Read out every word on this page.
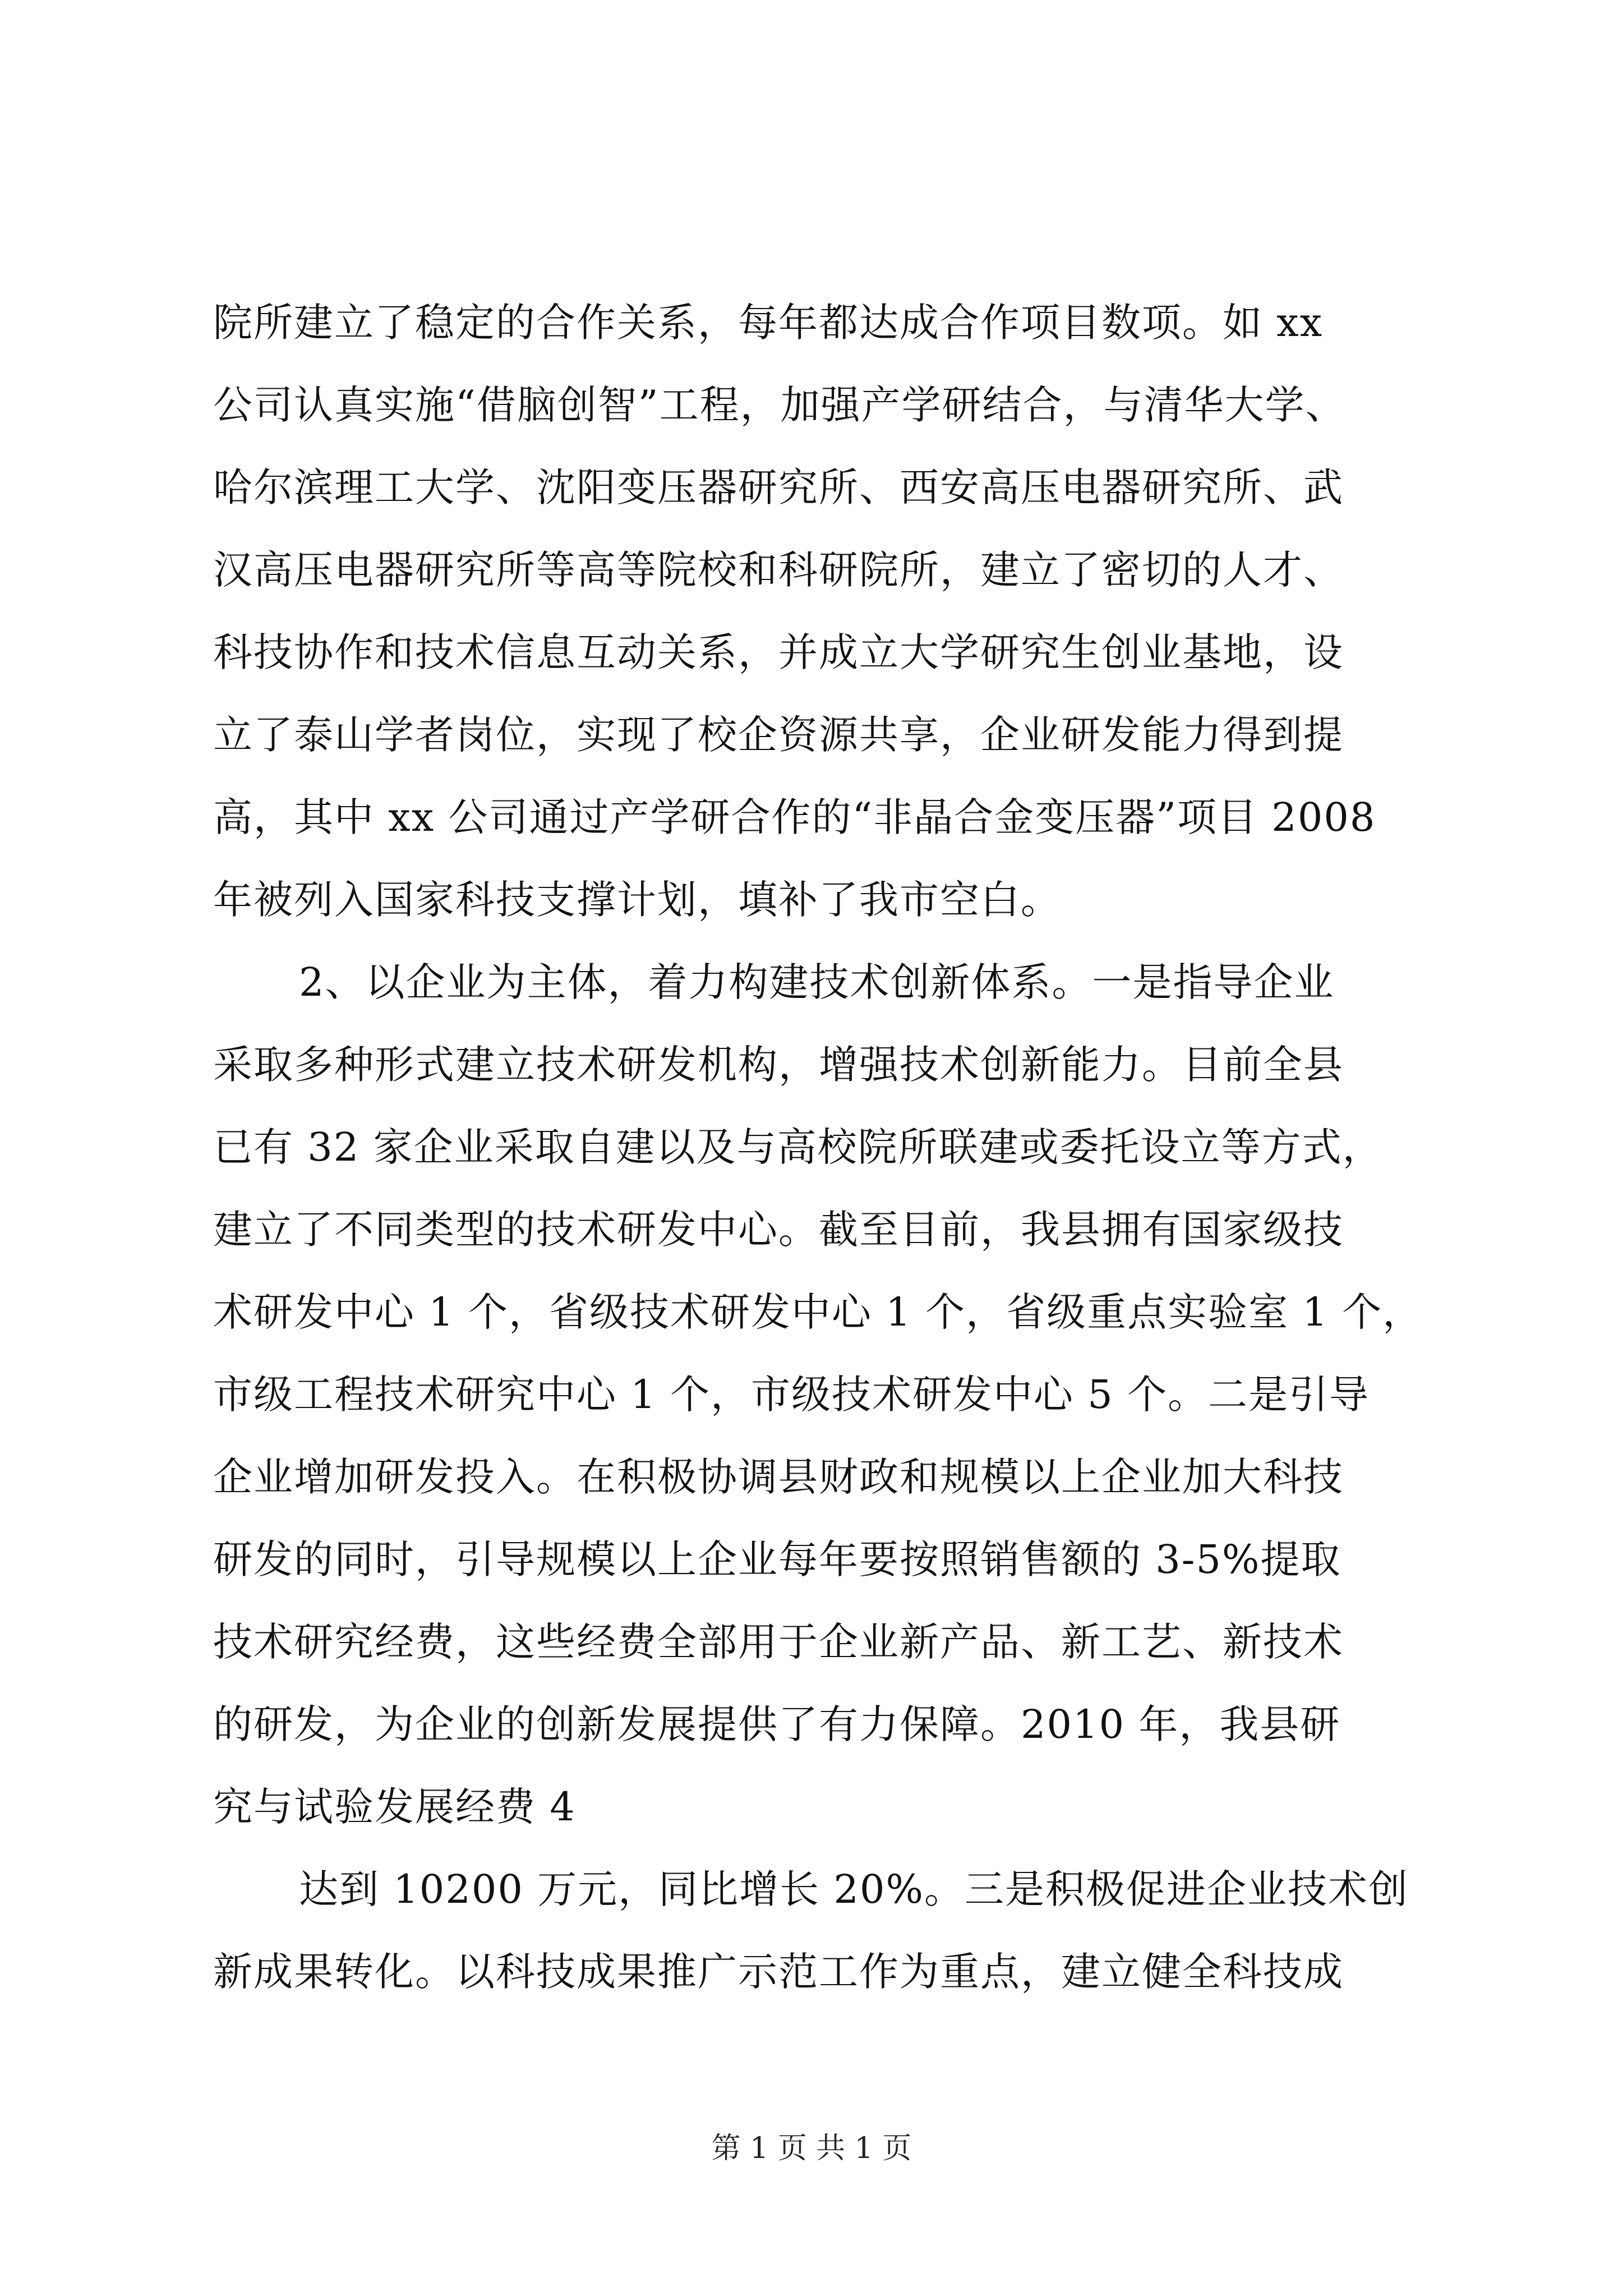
院所建立了稳定的合作关系，每年都达成合作项目数项。如 xx
公司认真实施“借脑创智”工程，加强产学研结合，与清华大学、
哈尔滨理工大学、沈阳变压器研究所、西安高压电器研究所、武
汉高压电器研究所等高等院校和科研院所，建立了密切的人才、
科技协作和技术信息互动关系，并成立大学研究生创业基地，设
立了泰山学者岗位，实现了校企资源共享，企业研发能力得到提
高，其中 xx 公司通过产学研合作的“非晶合金变压器”项目 2008
年被列入国家科技支撑计划，填补了我市空白。
2、以企业为主体，着力构建技术创新体系。一是指导企业
采取多种形式建立技术研发机构，增强技术创新能力。目前全县
已有 32 家企业采取自建以及与高校院所联建或委托设立等方式，
建立了不同类型的技术研发中心。截至目前，我县拥有国家级技
术研发中心 1 个，省级技术研发中心 1 个，省级重点实验室 1 个，
市级工程技术研究中心 1 个，市级技术研发中心 5 个。二是引导
企业增加研发投入。在积极协调县财政和规模以上企业加大科技
研发的同时，引导规模以上企业每年要按照销售额的 3-5%提取
技术研究经费，这些经费全部用于企业新产品、新工艺、新技术
的研发，为企业的创新发展提供了有力保障。2010 年，我县研
究与试验发展经费 4
达到 10200 万元，同比增长 20%。三是积极促进企业技术创
新成果转化。以科技成果推广示范工作为重点，建立健全科技成
第 1 页 共 1 页
